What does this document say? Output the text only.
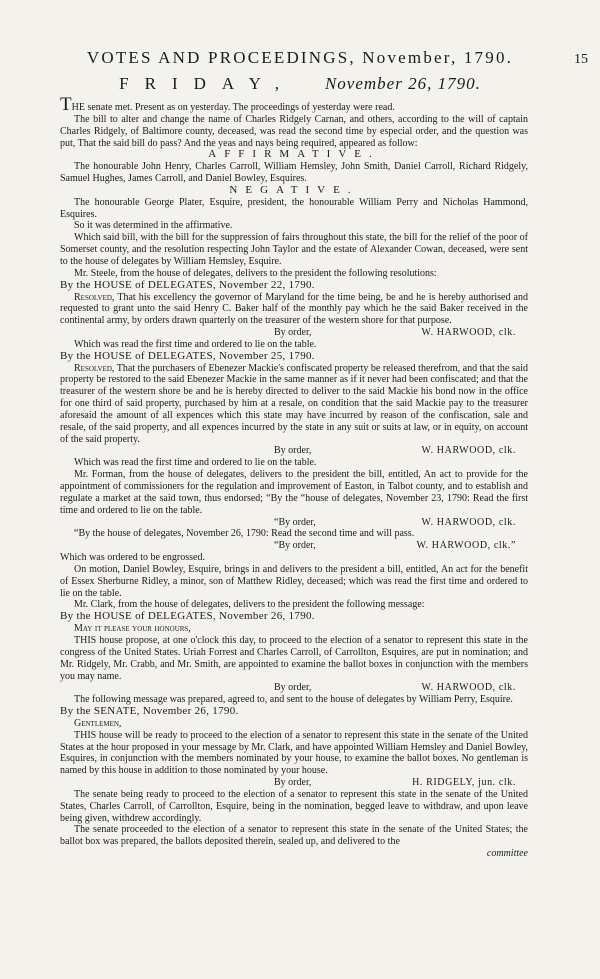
VOTES AND PROCEEDINGS, November, 1790.	15
FRIDAY, November 26, 1790.

THE senate met. Present as on yesterday. The proceedings of yesterday were read.

The bill to alter and change the name of Charles Ridgely Carnan, and others, according to the will of captain Charles Ridgely, of Baltimore county, deceased, was read the second time by especial order, and the question was put, That the said bill do pass? And the yeas and nays being required, appeared as follow:

AFFIRMATIVE.

The honourable John Henry, Charles Carroll, William Hemsley, John Smith, Daniel Carroll, Richard Ridgely, Samuel Hughes, James Carroll, and Daniel Bowley, Esquires.

NEGATIVE.

The honourable George Plater, Esquire, president, the honourable William Perry and Nicholas Hammond, Esquires.

So it was determined in the affirmative.

Which said bill, with the bill for the suppression of fairs throughout this state, the bill for the relief of the poor of Somerset county, and the resolution respecting John Taylor and the estate of Alexander Cowan, deceased, were sent to the house of delegates by William Hemsley, Esquire.

Mr. Steele, from the house of delegates, delivers to the president the following resolutions:

By the HOUSE of DELEGATES, November 22, 1790.

Resolved, That his excellency the governor of Maryland for the time being, be and he is hereby authorised and requested to grant unto the said Henry C. Baker half of the monthly pay which he the said Baker received in the continental army, by orders drawn quarterly on the treasurer of the western shore for that purpose.

By order,	W. HARWOOD, clk.

Which was read the first time and ordered to lie on the table.

By the HOUSE of DELEGATES, November 25, 1790.

Resolved, That the purchasers of Ebenezer Mackie's confiscated property be released therefrom, and that the said property be restored to the said Ebenezer Mackie in the same manner as if it never had been confiscated; and that the treasurer of the western shore be and he is hereby directed to deliver to the said Mackie his bond now in the office for one third of said property, purchased by him at a resale, on condition that the said Mackie pay to the treasurer aforesaid the amount of all expences which this state may have incurred by reason of the confiscation, sale and resale, of the said property, and all expences incurred by the state in any suit or suits at law, or in equity, on account of the said property.

By order,	W. HARWOOD, clk.

Which was read the first time and ordered to lie on the table.

Mr. Forman, from the house of delegates, delivers to the president the bill, entitled, An act to provide for the appointment of commissioners for the regulation and improvement of Easton, in Talbot county, and to establish and regulate a market at the said town, thus endorsed; “By the “house of delegates, November 23, 1790: Read the first time and ordered to lie on the table.

“By order,	W. HARWOOD, clk.

“By the house of delegates, November 26, 1790: Read the second time and will pass.

“By order,	W. HARWOOD, clk.”

Which was ordered to be engrossed.

On motion, Daniel Bowley, Esquire, brings in and delivers to the president a bill, entitled, An act for the benefit of Essex Sherburne Ridley, a minor, son of Matthew Ridley, deceased; which was read the first time and ordered to lie on the table.

Mr. Clark, from the house of delegates, delivers to the president the following message:

By the HOUSE of DELEGATES, November 26, 1790.

May it please your honours,

THIS house propose, at one o'clock this day, to proceed to the election of a senator to represent this state in the congress of the United States. Uriah Forrest and Charles Carroll, of Carrollton, Esquires, are put in nomination; and Mr. Ridgely, Mr. Crabb, and Mr. Smith, are appointed to examine the ballot boxes in conjunction with the members you may name.

By order,	W. HARWOOD, clk.

The following message was prepared, agreed to, and sent to the house of delegates by William Perry, Esquire.

By the SENATE, November 26, 1790.

Gentlemen,

THIS house will be ready to proceed to the election of a senator to represent this state in the senate of the United States at the hour proposed in your message by Mr. Clark, and have appointed William Hemsley and Daniel Bowley, Esquires, in conjunction with the members nominated by your house, to examine the ballot boxes. No gentleman is named by this house in addition to those nominated by your house.

By order,	H. RIDGELY, jun. clk.

The senate being ready to proceed to the election of a senator to represent this state in the senate of the United States, Charles Carroll, of Carrollton, Esquire, being in the nomination, begged leave to withdraw, and upon leave being given, withdrew accordingly.

The senate proceeded to the election of a senator to represent this state in the senate of the United States; the ballot box was prepared, the ballots deposited therein, sealed up, and delivered to the

committee
